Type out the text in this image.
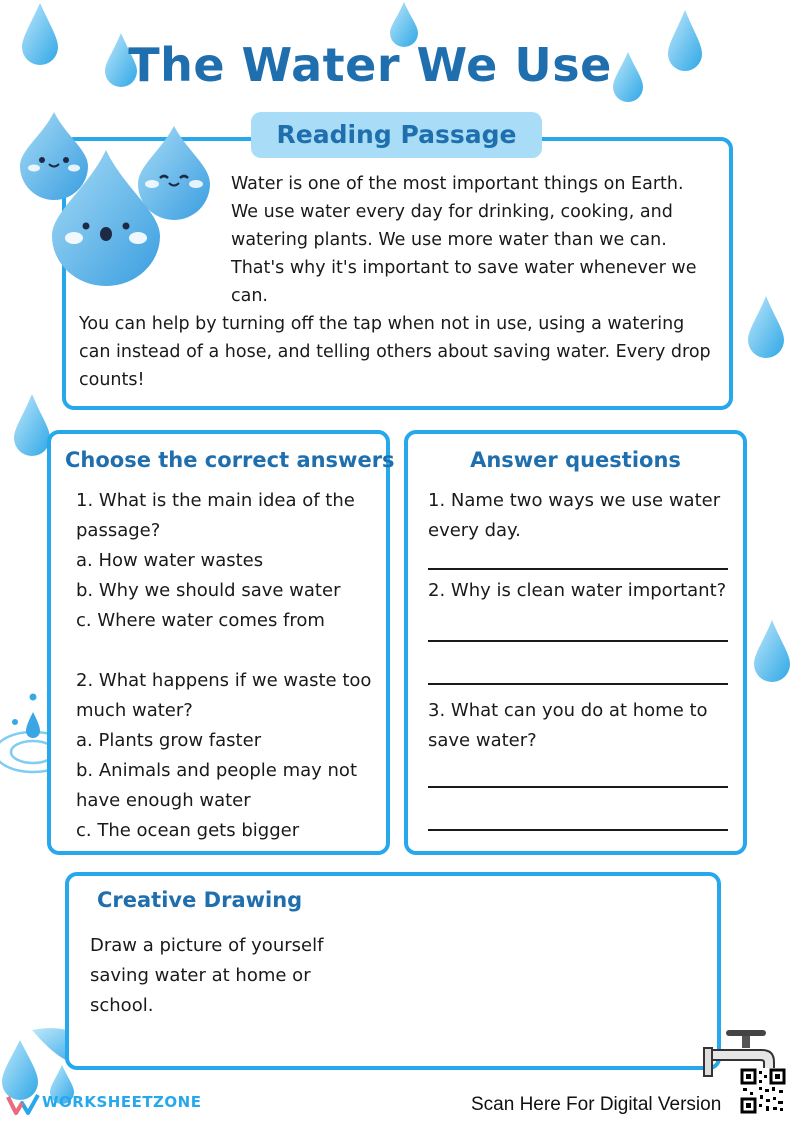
The Water We Use
Reading Passage
Water is one of the most important things on Earth. We use water every day for drinking, cooking, and watering plants. We use more water than we can. That's why it's important to save water whenever we can.
You can help by turning off the tap when not in use, using a watering can instead of a hose, and telling others about saving water. Every drop counts!
Choose the correct answers
1. What is the main idea of the passage?
a. How water wastes
b. Why we should save water
c. Where water comes from
2. What happens if we waste too much water?
a. Plants grow faster
b. Animals and people may not have enough water
c. The ocean gets bigger
Answer questions
1. Name two ways we use water every day.
2. Why is clean water important?
3. What can you do at home to save water?
Creative Drawing
Draw a picture of yourself saving water at home or school.
WORKSHEETZONE	Scan Here For Digital Version
